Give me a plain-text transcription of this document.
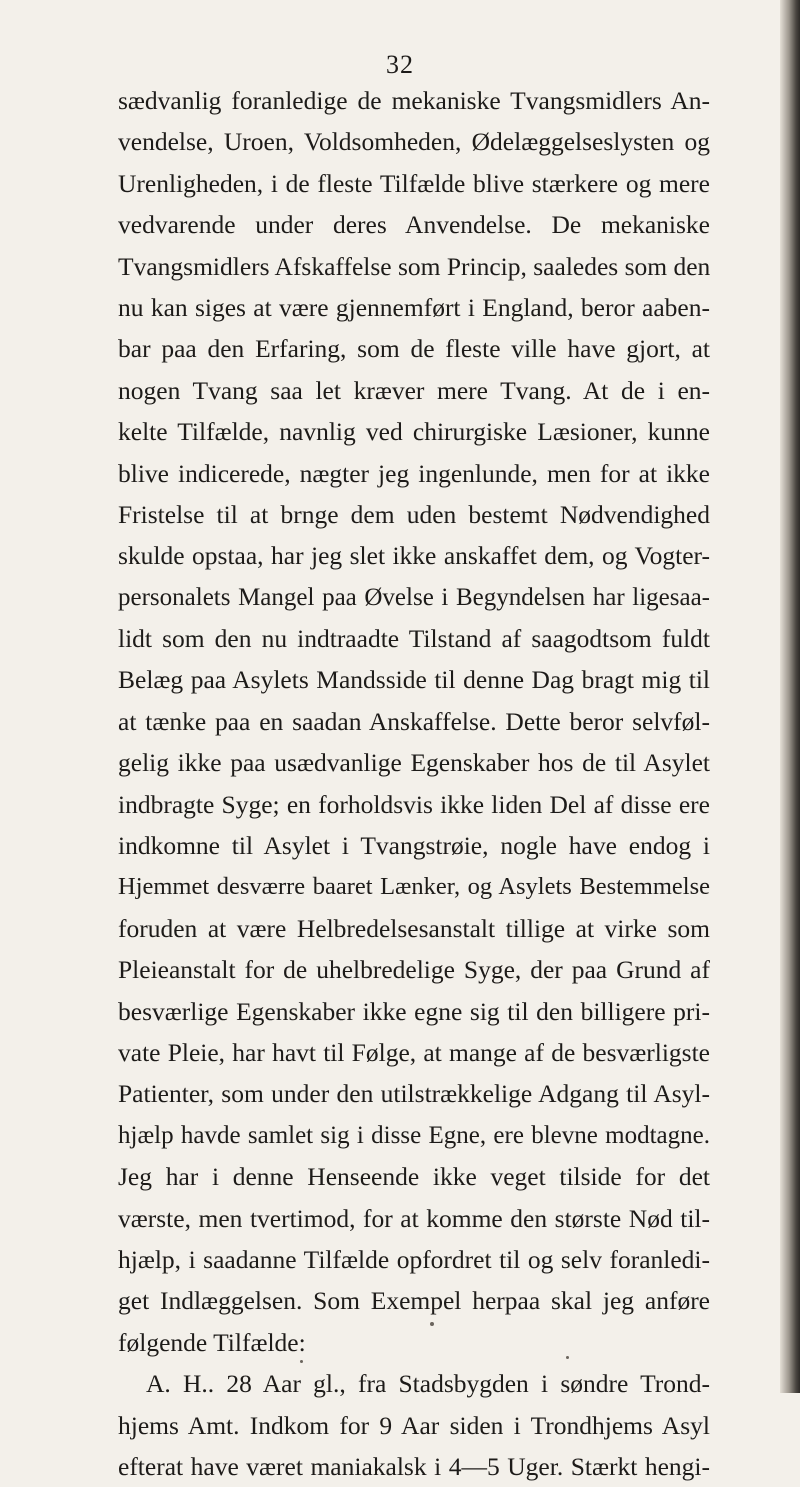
32
sædvanlig foranledige de mekaniske Tvangsmidlers An-
vendelse, Uroen, Voldsomheden, Ødelæggelseslysten og
Urenligheden, i de fleste Tilfælde blive stærkere og mere
vedvarende under deres Anvendelse. De mekaniske
Tvangsmidlers Afskaffelse som Princip, saaledes som den
nu kan siges at være gjennemført i England, beror aaben-
bar paa den Erfaring, som de fleste ville have gjort, at
nogen Tvang saa let kræver mere Tvang. At de i en-
kelte Tilfælde, navnlig ved chirurgiske Læsioner, kunne
blive indicerede, nægter jeg ingenlunde, men for at ikke
Fristelse til at brnge dem uden bestemt Nødvendighed
skulde opstaa, har jeg slet ikke anskaffet dem, og Vogter-
personalets Mangel paa Øvelse i Begyndelsen har ligesaa-
lidt som den nu indtraadte Tilstand af saagodtsom fuldt
Belæg paa Asylets Mandsside til denne Dag bragt mig til
at tænke paa en saadan Anskaffelse. Dette beror selvføl-
gelig ikke paa usædvanlige Egenskaber hos de til Asylet
indbragte Syge; en forholdsvis ikke liden Del af disse ere
indkomne til Asylet i Tvangstrøie, nogle have endog i
Hjemmet desværre baaret Lænker, og Asylets Bestemmelse
foruden at være Helbredelsesanstalt tillige at virke som
Pleieanstalt for de uhelbredelige Syge, der paa Grund af
besværlige Egenskaber ikke egne sig til den billigere pri-
vate Pleie, har havt til Følge, at mange af de besværligste
Patienter, som under den utilstrækkelige Adgang til Asyl-
hjælp havde samlet sig i disse Egne, ere blevne modtagne.
Jeg har i denne Henseende ikke veget tilside for det
værste, men tvertimod, for at komme den største Nød til-
hjælp, i saadanne Tilfælde opfordret til og selv foranledi-
get Indlæggelsen. Som Exempel herpaa skal jeg anføre
følgende Tilfælde:
A. H.. 28 Aar gl., fra Stadsbygden i søndre Trond-
hjems Amt. Indkom for 9 Aar siden i Trondhjems Asyl
efterat have været maniakalsk i 4—5 Uger. Stærkt hengi-
